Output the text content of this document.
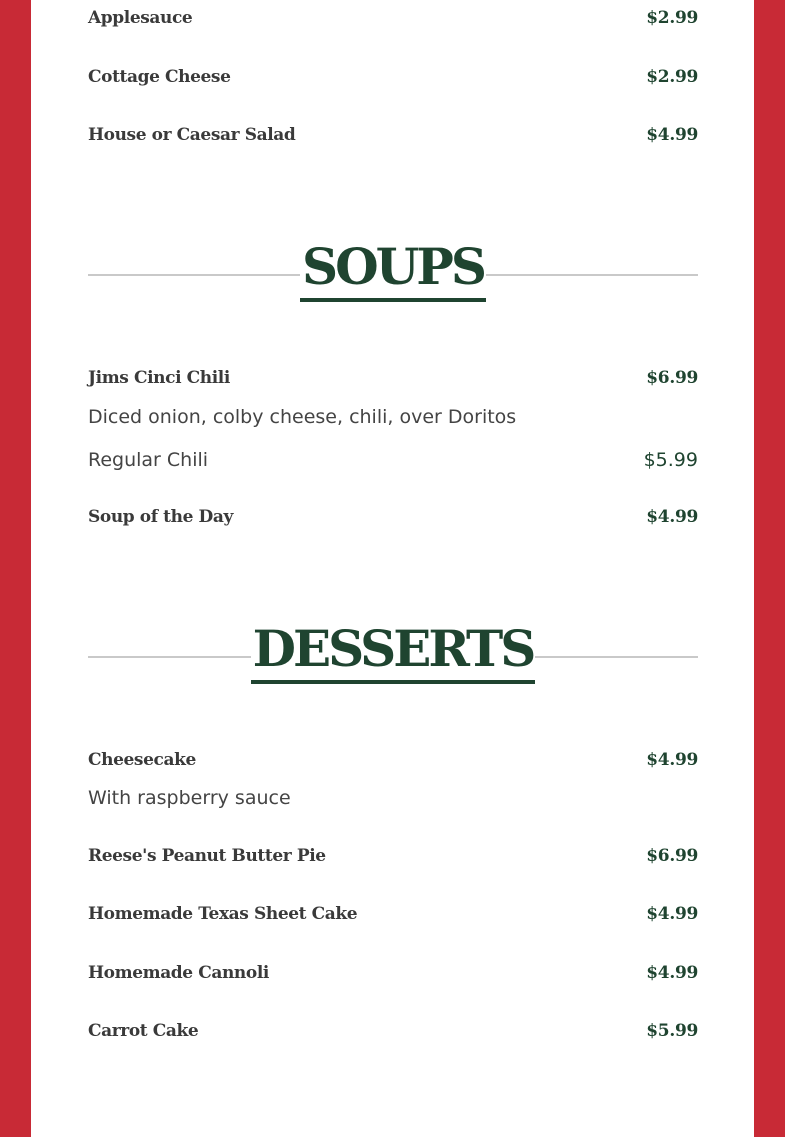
Applesauce	$2.99
Cottage Cheese	$2.99
House or Caesar Salad	$4.99
SOUPS
Jims Cinci Chili	$6.99
Diced onion, colby cheese, chili, over Doritos
Regular Chili	$5.99
Soup of the Day	$4.99
DESSERTS
Cheesecake	$4.99
With raspberry sauce
Reese's Peanut Butter Pie	$6.99
Homemade Texas Sheet Cake	$4.99
Homemade Cannoli	$4.99
Carrot Cake	$5.99
